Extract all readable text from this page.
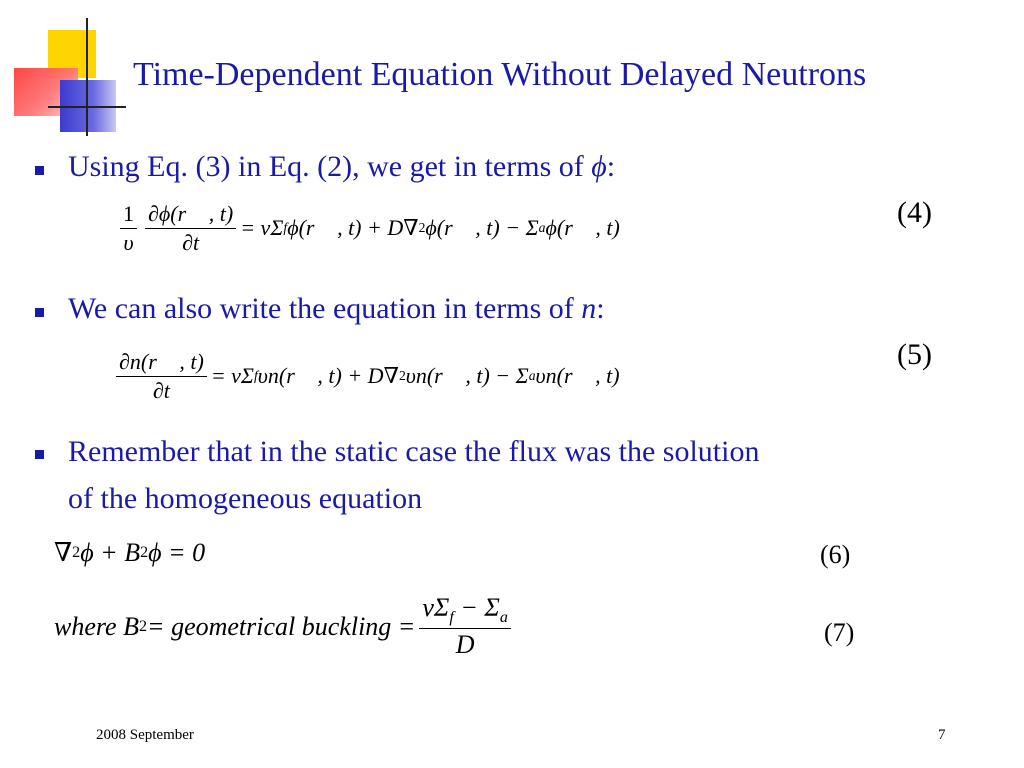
Time-Dependent Equation Without Delayed Neutrons
Using Eq. (3) in Eq. (2), we get in terms of ϕ:
$\frac{1}{\upsilon} \frac{\partial\phi(r⃗ , t)}{\partial t} = \nu\Sigma$ f ϕ(r⃗ , t) + D∇ 2 ϕ(r⃗ , t) − Σ a ϕ(r⃗ , t)	(4)
We can also write the equation in terms of n:
$\frac{\partial n(r⃗ , t)}{\partial t} = \nu\Sigma$ f υn(r⃗ , t) + D∇ 2 υn(r⃗ , t) − Σ a υn(r⃗ , t)
(5)
Remember that in the static case the flux was the solution
of the homogeneous equation
∇ 2 ϕ + B 2 ϕ = 0	(6)
where B 2 = geometrical buckling = $\frac{\nu\Sigma_f - \Sigma_a}{D}$	(7)
2008 September	7
